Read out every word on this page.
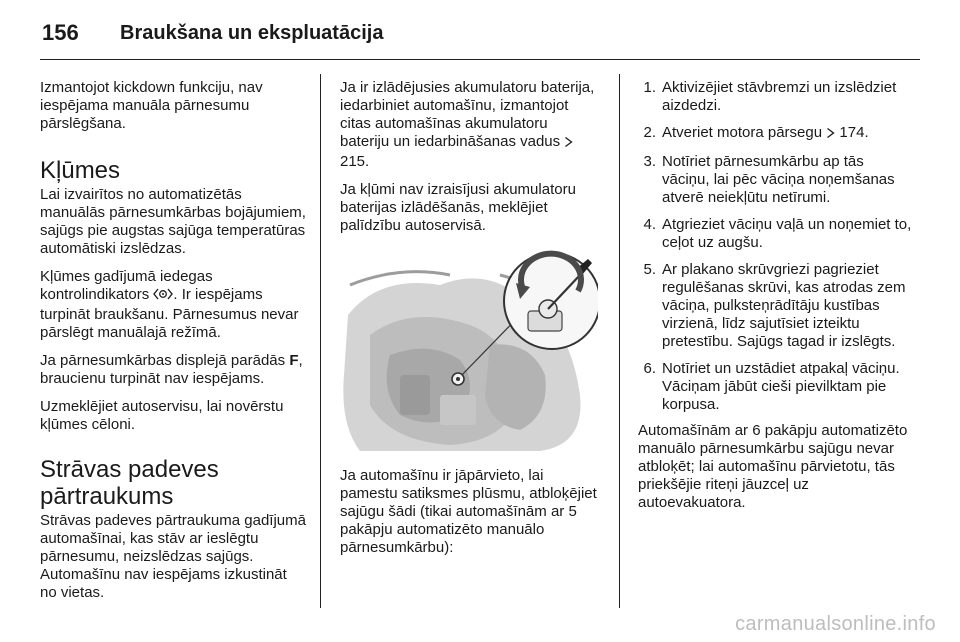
156	Braukšana un ekspluatācija

Izmantojot kickdown funkciju, nav iespējama manuāla pārnesumu pārslēgšana.

Kļūmes

Lai izvairītos no automatizētās manuālās pārnesumkārbas bojājumiem, sajūgs pie augstas sajūga temperatūras automātiski izslēdzas.

Kļūmes gadījumā iedegas kontrolindikators . Ir iespējams turpināt braukšanu. Pārnesumus nevar pārslēgt manuālajā režīmā.

Ja pārnesumkārbas displejā parādās F, braucienu turpināt nav iespējams.

Uzmeklējiet autoservisu, lai novērstu kļūmes cēloni.

Strāvas padeves pārtraukums

Strāvas padeves pārtraukuma gadījumā automašīnai, kas stāv ar ieslēgtu pārnesumu, neizslēdzas sajūgs. Automašīnu nav iespējams izkustināt no vietas.

Ja ir izlādējusies akumulatoru baterija, iedarbiniet automašīnu, izmantojot citas automašīnas akumulatoru bateriju un iedarbināšanas vadus  215.

Ja kļūmi nav izraisījusi akumulatoru baterijas izlādēšanās, meklējiet palīdzību autoservisā.

Ja automašīnu ir jāpārvieto, lai pamestu satiksmes plūsmu, atbloķējiet sajūgu šādi (tikai automašīnām ar 5 pakāpju automatizēto manuālo pārnesumkārbu):

1. Aktivizējiet stāvbremzi un izslēdziet aizdedzi.
2. Atveriet motora pārsegu 174.
3. Notīriet pārnesumkārbu ap tās vāciņu, lai pēc vāciņa noņemšanas atverē neiekļūtu netīrumi.
4. Atgrieziet vāciņu vaļā un noņemiet to, ceļot uz augšu.
5. Ar plakano skrūvgriezi pagrieziet regulēšanas skrūvi, kas atrodas zem vāciņa, pulksteņrādītāju kustības virzienā, līdz sajutīsiet izteiktu pretestību. Sajūgs tagad ir izslēgts.
6. Notīriet un uzstādiet atpakaļ vāciņu. Vāciņam jābūt cieši pievilktam pie korpusa.

Automašīnām ar 6 pakāpju automatizēto manuālo pārnesumkārbu sajūgu nevar atbloķēt; lai automašīnu pārvietotu, tās priekšējie riteņi jāuzceļ uz autoevakuatora.

carmanualsonline.info
